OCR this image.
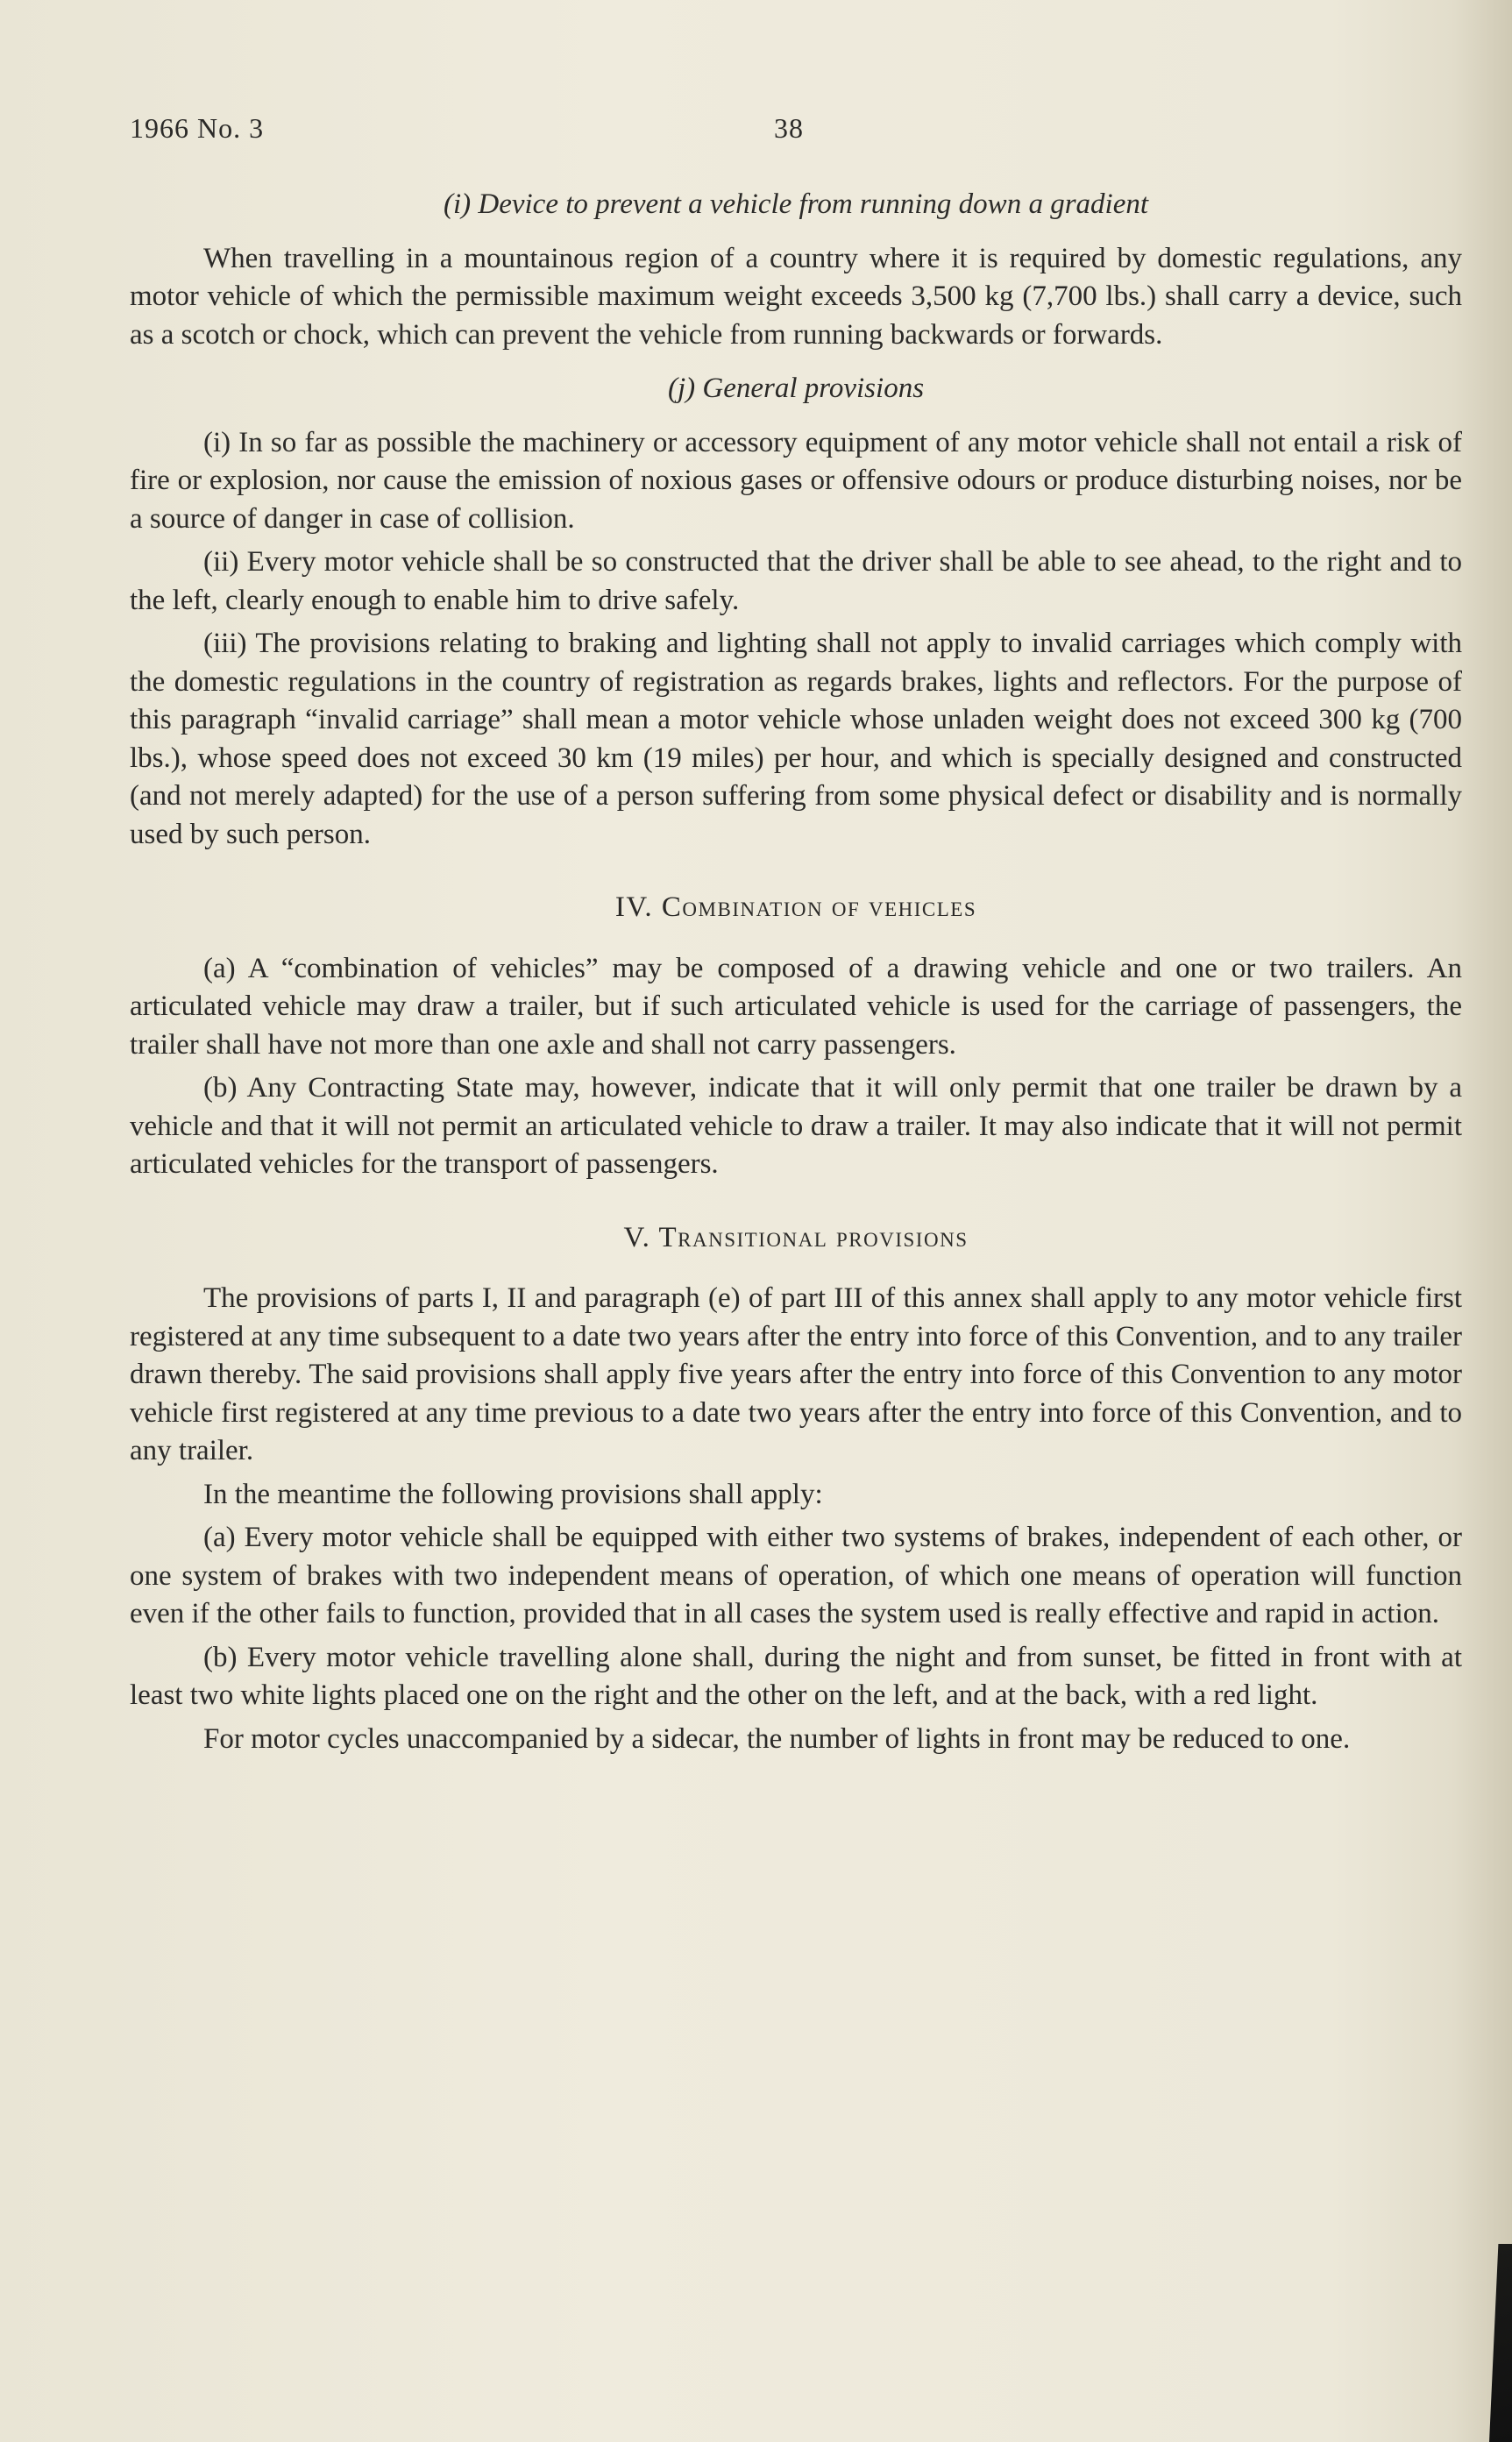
1966 No. 3	38
(i) Device to prevent a vehicle from running down a gradient

When travelling in a mountainous region of a country where it is required by domestic regulations, any motor vehicle of which the permissible maximum weight exceeds 3,500 kg (7,700 lbs.) shall carry a device, such as a scotch or chock, which can prevent the vehicle from running backwards or forwards.

(j) General provisions

(i) In so far as possible the machinery or accessory equipment of any motor vehicle shall not entail a risk of fire or explosion, nor cause the emission of noxious gases or offensive odours or produce disturbing noises, nor be a source of danger in case of collision.

(ii) Every motor vehicle shall be so constructed that the driver shall be able to see ahead, to the right and to the left, clearly enough to enable him to drive safely.

(iii) The provisions relating to braking and lighting shall not apply to invalid carriages which comply with the domestic regulations in the country of registration as regards brakes, lights and reflectors. For the purpose of this paragraph “invalid carriage” shall mean a motor vehicle whose unladen weight does not exceed 300 kg (700 lbs.), whose speed does not exceed 30 km (19 miles) per hour, and which is specially designed and constructed (and not merely adapted) for the use of a person suffering from some physical defect or disability and is normally used by such person.

IV. Combination of vehicles

(a) A “combination of vehicles” may be composed of a drawing vehicle and one or two trailers. An articulated vehicle may draw a trailer, but if such articulated vehicle is used for the carriage of passengers, the trailer shall have not more than one axle and shall not carry passengers.

(b) Any Contracting State may, however, indicate that it will only permit that one trailer be drawn by a vehicle and that it will not permit an articulated vehicle to draw a trailer. It may also indicate that it will not permit articulated vehicles for the transport of passengers.

V. Transitional provisions

The provisions of parts I, II and paragraph (e) of part III of this annex shall apply to any motor vehicle first registered at any time subsequent to a date two years after the entry into force of this Convention, and to any trailer drawn thereby. The said provisions shall apply five years after the entry into force of this Convention to any motor vehicle first registered at any time previous to a date two years after the entry into force of this Convention, and to any trailer.

In the meantime the following provisions shall apply:

(a) Every motor vehicle shall be equipped with either two systems of brakes, independent of each other, or one system of brakes with two independent means of operation, of which one means of operation will function even if the other fails to function, provided that in all cases the system used is really effective and rapid in action.

(b) Every motor vehicle travelling alone shall, during the night and from sunset, be fitted in front with at least two white lights placed one on the right and the other on the left, and at the back, with a red light.

For motor cycles unaccompanied by a sidecar, the number of lights in front may be reduced to one.
